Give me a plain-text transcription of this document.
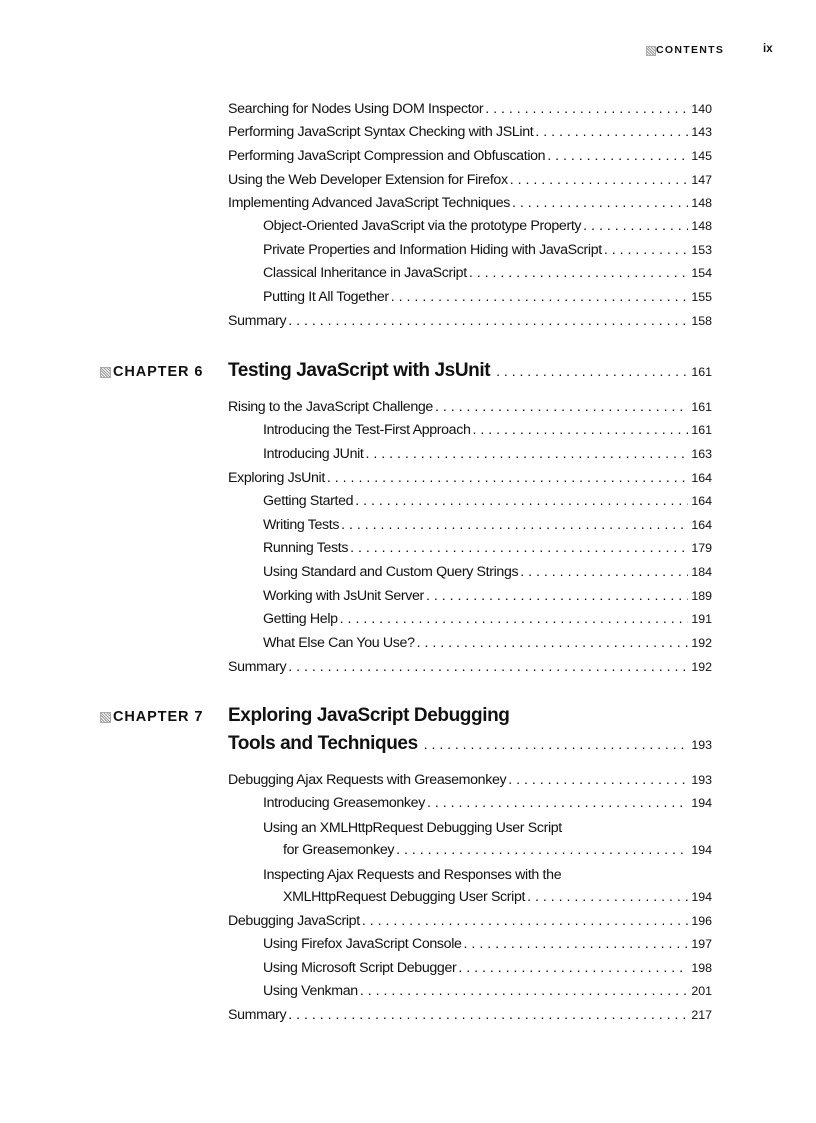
CONTENTS	ix
Searching for Nodes Using DOM Inspector . . .	140
Performing JavaScript Syntax Checking with JSLint . . .	143
Performing JavaScript Compression and Obfuscation . . .	145
Using the Web Developer Extension for Firefox . . .	147
Implementing Advanced JavaScript Techniques . . .	148
Object-Oriented JavaScript via the prototype Property . . .	148
Private Properties and Information Hiding with JavaScript . . .	153
Classical Inheritance in JavaScript . . .	154
Putting It All Together . . .	155
Summary . . .	158
CHAPTER 6 Testing JavaScript with JsUnit . . .	161
Rising to the JavaScript Challenge . . .	161
Introducing the Test-First Approach . . .	161
Introducing JUnit . . .	163
Exploring JsUnit . . .	164
Getting Started . . .	164
Writing Tests . . .	164
Running Tests . . .	179
Using Standard and Custom Query Strings . . .	184
Working with JsUnit Server . . .	189
Getting Help . . .	191
What Else Can You Use? . . .	192
Summary . . .	192
CHAPTER 7 Exploring JavaScript Debugging
Tools and Techniques . . .	193
Debugging Ajax Requests with Greasemonkey . . .	193
Introducing Greasemonkey . . .	194
Using an XMLHttpRequest Debugging User Script
for Greasemonkey . . .	194
Inspecting Ajax Requests and Responses with the
XMLHttpRequest Debugging User Script . . .	194
Debugging JavaScript . . .	196
Using Firefox JavaScript Console . . .	197
Using Microsoft Script Debugger . . .	198
Using Venkman . . .	201
Summary . . .	217
